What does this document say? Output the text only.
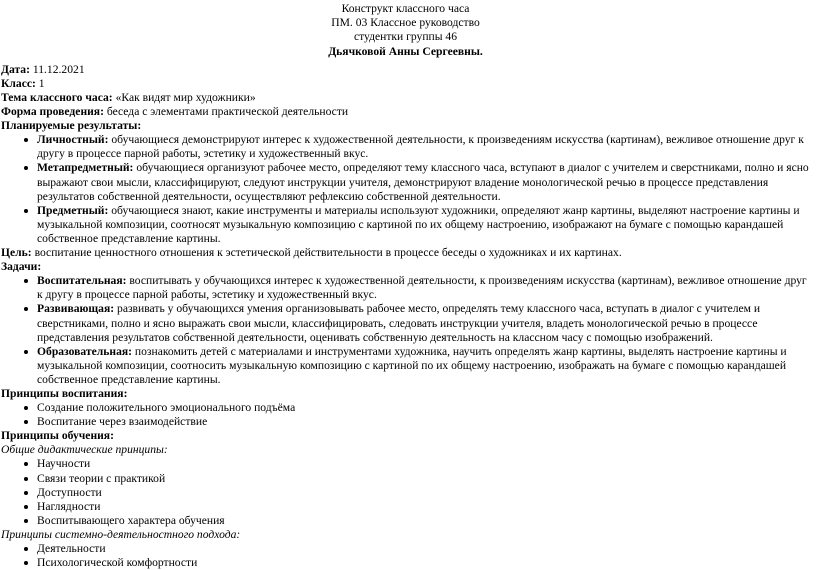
Конструкт классного часа
ПМ. 03 Классное руководство
студентки группы 46
Дьячковой Анны Сергеевны.

Дата: 11.12.2021

Класс: 1

Тема классного часа: «Как видят мир художники»

Форма проведения: беседа с элементами практической деятельности

Планируемые результаты:

Личностный: обучающиеся демонстрируют интерес к художественной деятельности, к произведениям искусства (картинам), вежливое отношение друг к другу в процессе парной работы, эстетику и художественный вкус.
Метапредметный: обучающиеся организуют рабочее место, определяют тему классного часа, вступают в диалог с учителем и сверстниками, полно и ясно выражают свои мысли, классифицируют, следуют инструкции учителя, демонстрируют владение монологической речью в процессе представления результатов собственной деятельности, осуществляют рефлексию собственной деятельности.
Предметный: обучающиеся знают, какие инструменты и материалы используют художники, определяют жанр картины, выделяют настроение картины и музыкальной композиции, соотносят музыкальную композицию с картиной по их общему настроению, изображают на бумаге с помощью карандашей собственное представление картины.

Цель: воспитание ценностного отношения к эстетической действительности в процессе беседы о художниках и их картинах.

Задачи:

Воспитательная: воспитывать у обучающихся интерес к художественной деятельности, к произведениям искусства (картинам), вежливое отношение друг к другу в процессе парной работы, эстетику и художественный вкус.
Развивающая: развивать у обучающихся умения организовывать рабочее место, определять тему классного часа, вступать в диалог с учителем и сверстниками, полно и ясно выражать свои мысли, классифицировать, следовать инструкции учителя, владеть монологической речью в процессе представления результатов собственной деятельности, оценивать собственную деятельность на классном часу с помощью изображений.
Образовательная: познакомить детей с материалами и инструментами художника, научить определять жанр картины, выделять настроение картины и музыкальной композиции, соотносить музыкальную композицию с картиной по их общему настроению, изображать на бумаге с помощью карандашей собственное представление картины.

Принципы воспитания:

Создание положительного эмоционального подъёма
Воспитание через взаимодействие

Принципы обучения:

Общие дидактические принципы:

Научности
Связи теории с практикой
Доступности
Наглядности
Воспитывающего характера обучения

Принципы системно-деятельностного подхода:

Деятельности
Психологической комфортности
